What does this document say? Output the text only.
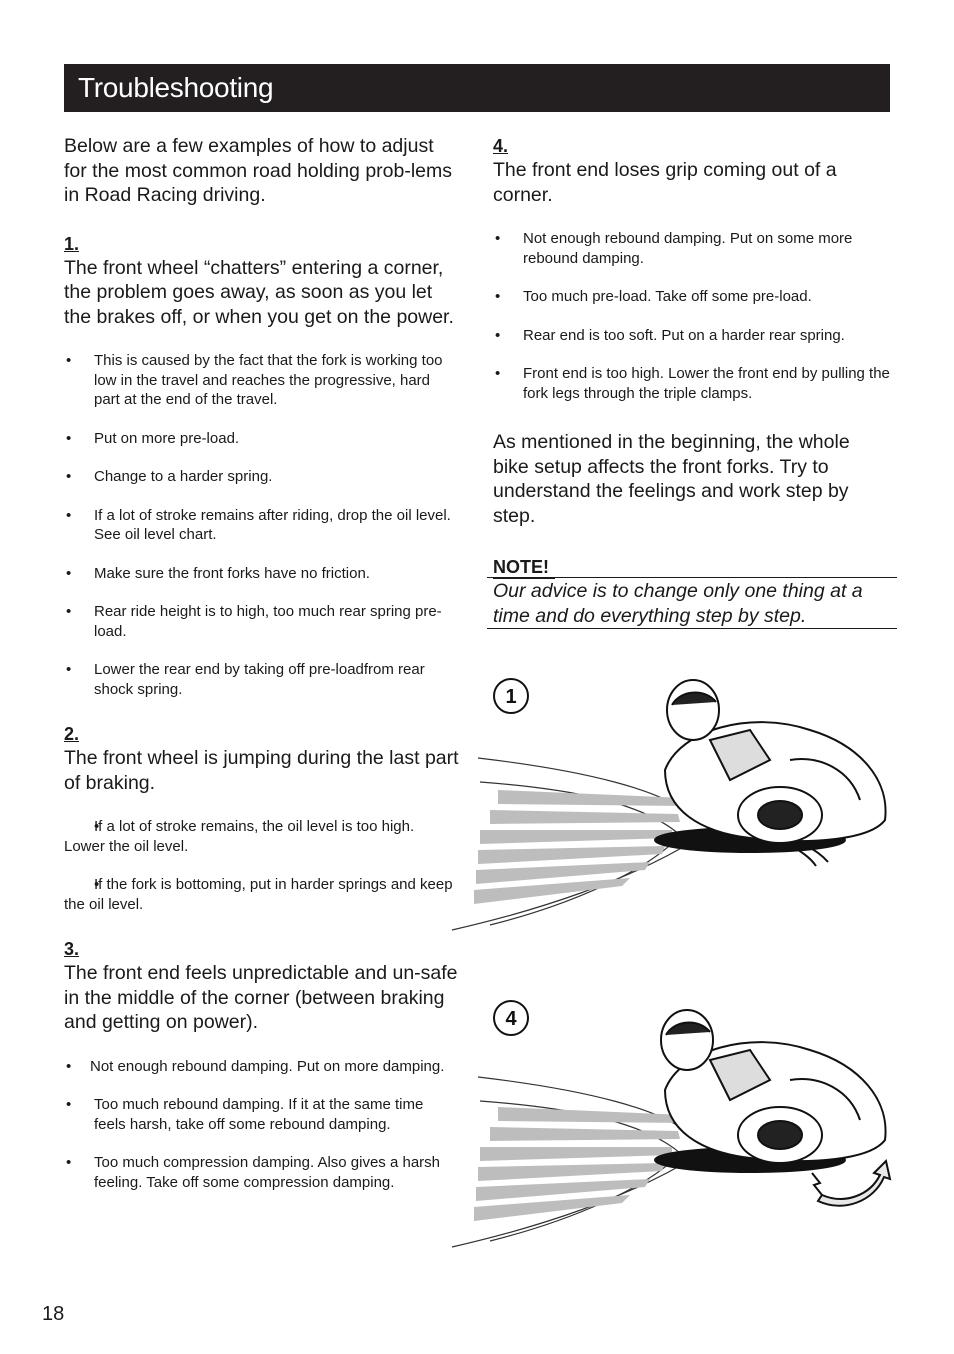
Troubleshooting

Below are a few examples of how to adjust for the most common road holding prob-lems in Road Racing driving.

1.

The front wheel “chatters” entering a corner, the problem goes away, as soon as you let the brakes off, or when you get on the power.

• This is caused by the fact that the fork is working too low in the travel and reaches the progressive, hard part at the end of the travel.
• Put on more pre-load.
• Change to a harder spring.
• If a lot of stroke remains after riding, drop the oil level. See oil level chart.
• Make sure the front forks have no friction.
• Rear ride height is to high, too much rear spring pre-load.
• Lower the rear end by taking off pre-loadfrom rear shock spring.

2.

The front wheel is jumping during the last part of braking.

• If a lot of stroke remains, the oil level is too high. Lower the oil level.
• If the fork is bottoming, put in harder springs and keep the oil level.

3.

The front end feels unpredictable and un-safe in the middle of the corner (between braking and getting on power).

• Not enough rebound damping. Put on more damping.
• Too much rebound damping. If it at the same time feels harsh, take off some rebound damping.
• Too much compression damping. Also gives a harsh feeling. Take off some compression damping.

4.

The front end loses grip coming out of a corner.

• Not enough rebound damping. Put on some more rebound damping.
• Too much pre-load. Take off some pre-load.
• Rear end is too soft. Put on a harder rear spring.
• Front end is too high. Lower the front end by pulling the fork legs through the triple clamps.

As mentioned in the beginning, the whole bike setup affects the front forks. Try to understand the feelings and work step by step.

NOTE!

Our advice is to change only one thing at a time and do everything step by step.

1
4
18
